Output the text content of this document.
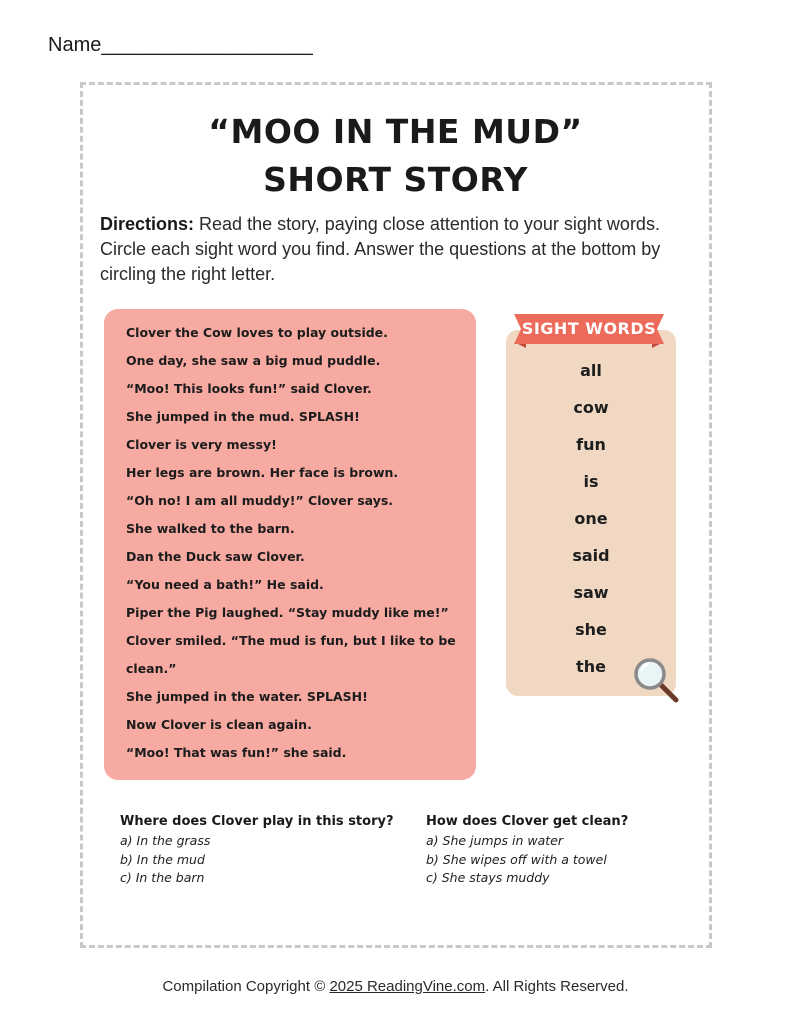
Name___________________
“MOO IN THE MUD”
SHORT STORY

Directions: Read the story, paying close attention to your sight words. Circle each sight word you find. Answer the questions at the bottom by circling the right letter.

Clover the Cow loves to play outside.
One day, she saw a big mud puddle.
“Moo! This looks fun!” said Clover.
She jumped in the mud. SPLASH!
Clover is very messy!
Her legs are brown. Her face is brown.
“Oh no! I am all muddy!” Clover says.
She walked to the barn.
Dan the Duck saw Clover.
“You need a bath!” He said.
Piper the Pig laughed. “Stay muddy like me!”
Clover smiled. “The mud is fun, but I like to be
clean.”
She jumped in the water. SPLASH!
Now Clover is clean again.
“Moo! That was fun!” she said.
SIGHT WORDS
all
cow
fun
is
one
said
saw
she
the
Where does Clover play in this story?
a) In the grass
b) In the mud
c) In the barn
How does Clover get clean?
a) She jumps in water
b) She wipes off with a towel
c) She stays muddy
Compilation Copyright © 2025 ReadingVine.com. All Rights Reserved.
